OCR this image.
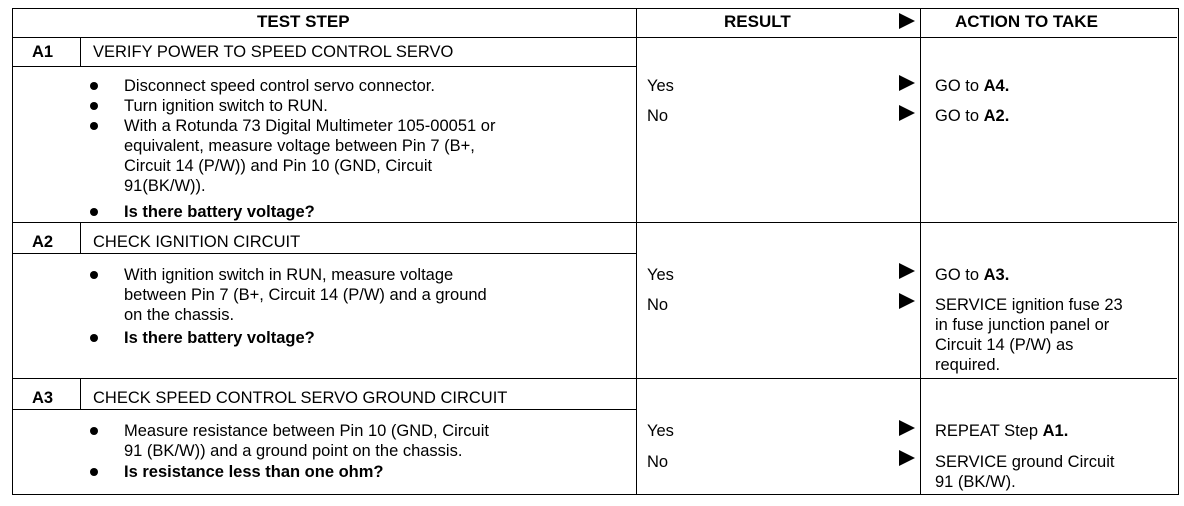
TEST STEP	RESULT	ACTION TO TAKE
A1 VERIFY POWER TO SPEED CONTROL SERVO
Disconnect speed control servo connector.
Turn ignition switch to RUN.
With a Rotunda 73 Digital Multimeter 105-00051 or
equivalent, measure voltage between Pin 7 (B+,
Circuit 14 (P/W)) and Pin 10 (GND, Circuit
91(BK/W)).
Is there battery voltage?
Yes	GO to A4.
No	GO to A2.
A2 CHECK IGNITION CIRCUIT
With ignition switch in RUN, measure voltage
between Pin 7 (B+, Circuit 14 (P/W) and a ground
on the chassis.
Is there battery voltage?
Yes	GO to A3.
No	SERVICE ignition fuse 23
in fuse junction panel or
Circuit 14 (P/W) as
required.
A3 CHECK SPEED CONTROL SERVO GROUND CIRCUIT
Measure resistance between Pin 10 (GND, Circuit
91 (BK/W)) and a ground point on the chassis.
Is resistance less than one ohm?
Yes	REPEAT Step A1.
No	SERVICE ground Circuit
91 (BK/W).
